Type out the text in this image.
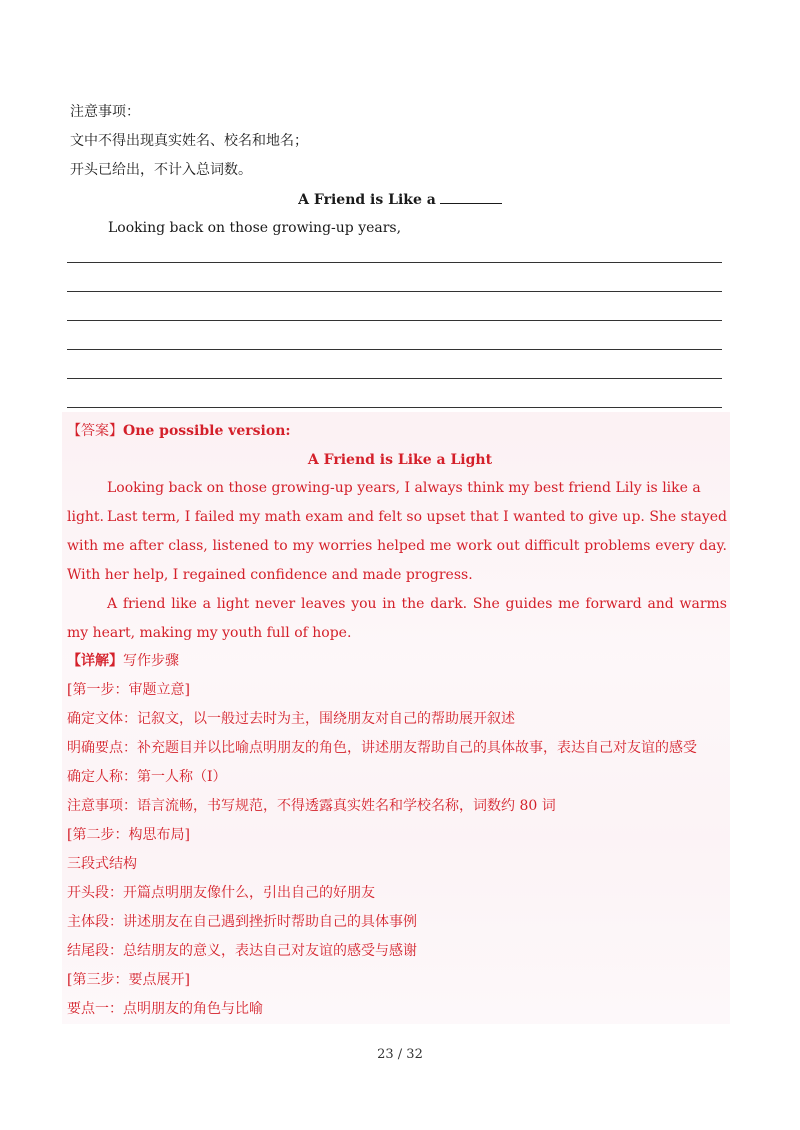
注意事项：
文中不得出现真实姓名、校名和地名；
开头已给出，不计入总词数。
A Friend is Like a
Looking back on those growing-up years,
【答案】One possible version:
A Friend is Like a Light
Looking back on those growing-up years, I always think my best friend Lily is like a light. Last term, I failed my math exam and felt so upset that I wanted to give up. She stayed with me after class, listened to my worries helped me work out difficult problems every day. With her help, I regained confidence and made progress.
A friend like a light never leaves you in the dark. She guides me forward and warms my heart, making my youth full of hope.
【详解】写作步骤
[第一步：审题立意]
确定文体：记叙文，以一般过去时为主，围绕朋友对自己的帮助展开叙述
明确要点：补充题目并以比喻点明朋友的角色，讲述朋友帮助自己的具体故事，表达自己对友谊的感受
确定人称：第一人称（I）
注意事项：语言流畅，书写规范，不得透露真实姓名和学校名称，词数约 80 词
[第二步：构思布局]
三段式结构
开头段：开篇点明朋友像什么，引出自己的好朋友
主体段：讲述朋友在自己遇到挫折时帮助自己的具体事例
结尾段：总结朋友的意义，表达自己对友谊的感受与感谢
[第三步：要点展开]
要点一：点明朋友的角色与比喻
23 / 32
